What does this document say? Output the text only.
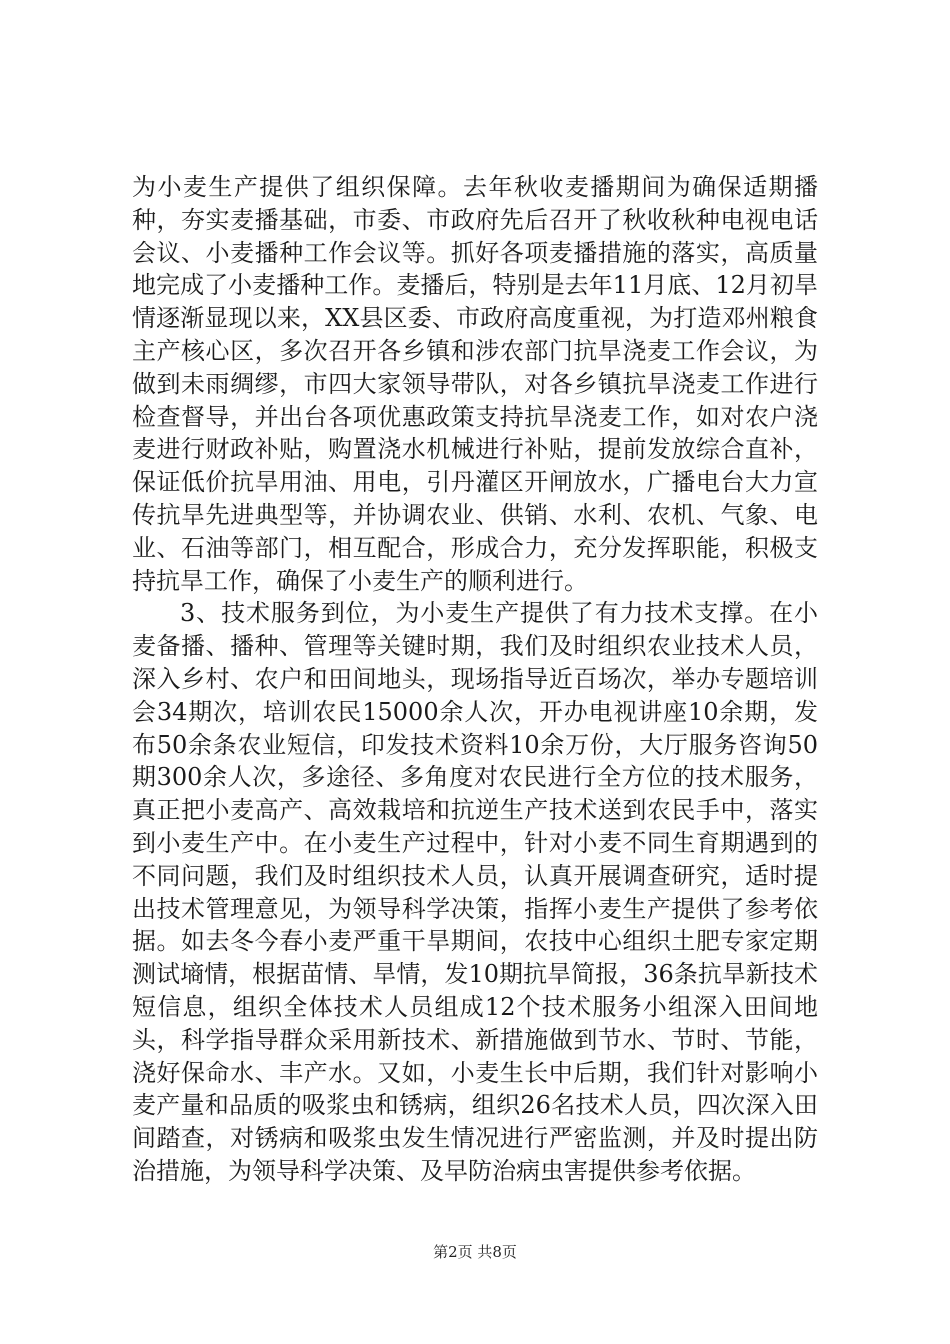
为小麦生产提供了组织保障。去年秋收麦播期间为确保适期播种，夯实麦播基础，市委、市政府先后召开了秋收秋种电视电话会议、小麦播种工作会议等。抓好各项麦播措施的落实，高质量地完成了小麦播种工作。麦播后，特别是去年11月底、12月初旱情逐渐显现以来，XX县区委、市政府高度重视，为打造邓州粮食主产核心区，多次召开各乡镇和涉农部门抗旱浇麦工作会议，为做到未雨绸缪，市四大家领导带队，对各乡镇抗旱浇麦工作进行检查督导，并出台各项优惠政策支持抗旱浇麦工作，如对农户浇麦进行财政补贴，购置浇水机械进行补贴，提前发放综合直补，保证低价抗旱用油、用电，引丹灌区开闸放水，广播电台大力宣传抗旱先进典型等，并协调农业、供销、水利、农机、气象、电业、石油等部门，相互配合，形成合力，充分发挥职能，积极支持抗旱工作，确保了小麦生产的顺利进行。

3、技术服务到位，为小麦生产提供了有力技术支撑。在小麦备播、播种、管理等关键时期，我们及时组织农业技术人员，深入乡村、农户和田间地头，现场指导近百场次，举办专题培训会34期次，培训农民15000余人次，开办电视讲座10余期，发布50余条农业短信，印发技术资料10余万份，大厅服务咨询50期300余人次，多途径、多角度对农民进行全方位的技术服务，真正把小麦高产、高效栽培和抗逆生产技术送到农民手中，落实到小麦生产中。在小麦生产过程中，针对小麦不同生育期遇到的不同问题，我们及时组织技术人员，认真开展调查研究，适时提出技术管理意见，为领导科学决策，指挥小麦生产提供了参考依据。如去冬今春小麦严重干旱期间，农技中心组织土肥专家定期测试墒情，根据苗情、旱情，发10期抗旱简报，36条抗旱新技术短信息，组织全体技术人员组成12个技术服务小组深入田间地头，科学指导群众采用新技术、新措施做到节水、节时、节能，浇好保命水、丰产水。又如，小麦生长中后期，我们针对影响小麦产量和品质的吸浆虫和锈病，组织26名技术人员，四次深入田间踏查，对锈病和吸浆虫发生情况进行严密监测，并及时提出防治措施，为领导科学决策、及早防治病虫害提供参考依据。

第2页 共8页
